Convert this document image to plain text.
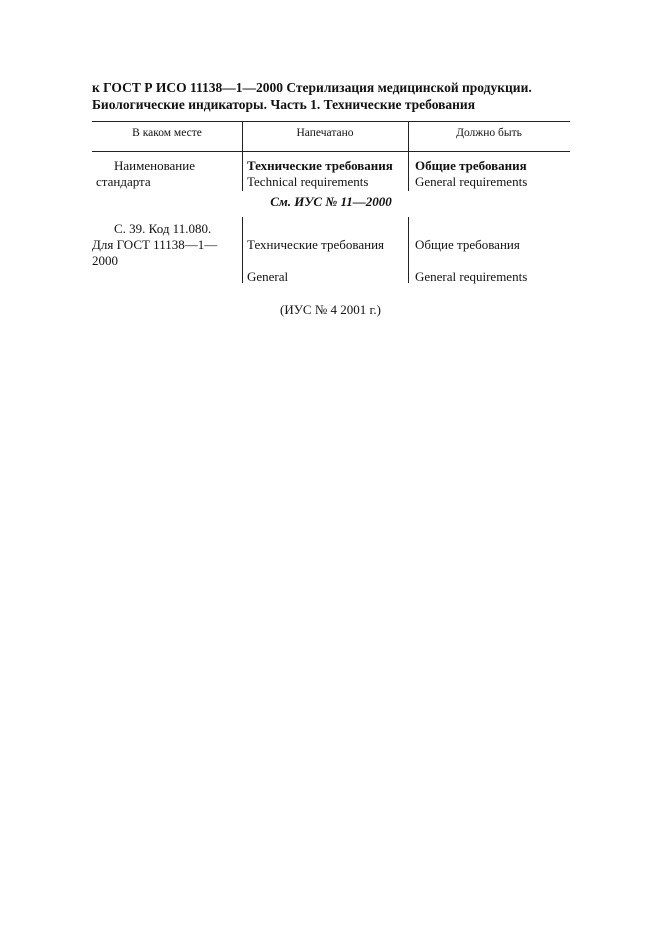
к ГОСТ Р ИСО 11138—1—2000 Стерилизация медицинской продукции.
Биологические индикаторы. Часть 1. Технические требования
В каком месте	Напечатано	Должно быть
Наименование
стандарта
Технические требования
Technical requirements
Общие требования
General requirements
См. ИУС № 11—2000
С. 39. Код 11.080.
Для ГОСТ 11138—1—
2000
Технические требования
General
Общие требования
General requirements
(ИУС № 4 2001 г.)
